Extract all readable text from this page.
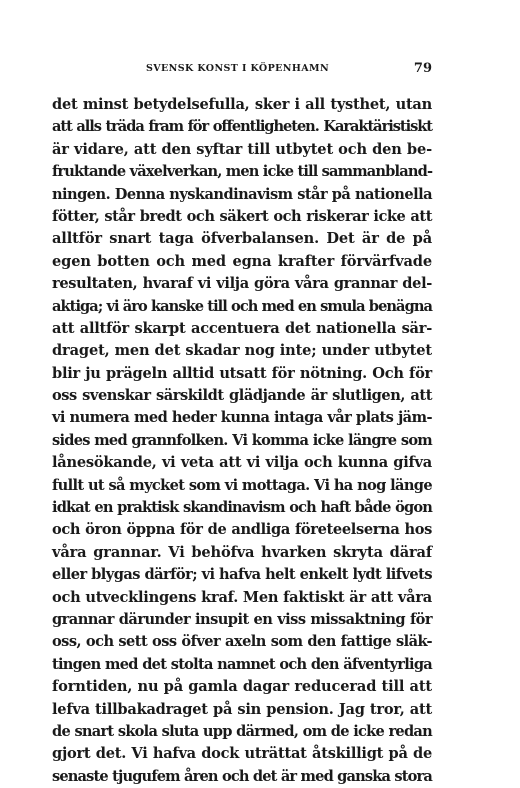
SVENSK KONST I KÖPENHAMN	79
det minst betydelsefulla, sker i all tysthet, utan
att alls träda fram för offentligheten. Karaktäristiskt
är vidare, att den syftar till utbytet och den be-
fruktande växelverkan, men icke till sammanbland-
ningen. Denna nyskandinavism står på nationella
fötter, står bredt och säkert och riskerar icke att
alltför snart taga öfverbalansen. Det är de på
egen botten och med egna krafter förvärfvade
resultaten, hvaraf vi vilja göra våra grannar del-
aktiga; vi äro kanske till och med en smula benägna
att alltför skarpt accentuera det nationella sär-
draget, men det skadar nog inte; under utbytet
blir ju prägeln alltid utsatt för nötning. Och för
oss svenskar särskildt glädjande är slutligen, att
vi numera med heder kunna intaga vår plats jäm-
sides med grannfolken. Vi komma icke längre som
lånesökande, vi veta att vi vilja och kunna gifva
fullt ut så mycket som vi mottaga. Vi ha nog länge
idkat en praktisk skandinavism och haft både ögon
och öron öppna för de andliga företeelserna hos
våra grannar. Vi behöfva hvarken skryta däraf
eller blygas därför; vi hafva helt enkelt lydt lifvets
och utvecklingens kraf. Men faktiskt är att våra
grannar därunder insupit en viss missaktning för
oss, och sett oss öfver axeln som den fattige släk-
tingen med det stolta namnet och den äfventyrliga
forntiden, nu på gamla dagar reducerad till att
lefva tillbakadraget på sin pension. Jag tror, att
de snart skola sluta upp därmed, om de icke redan
gjort det. Vi hafva dock uträttat åtskilligt på de
senaste tjugufem åren och det är med ganska stora
